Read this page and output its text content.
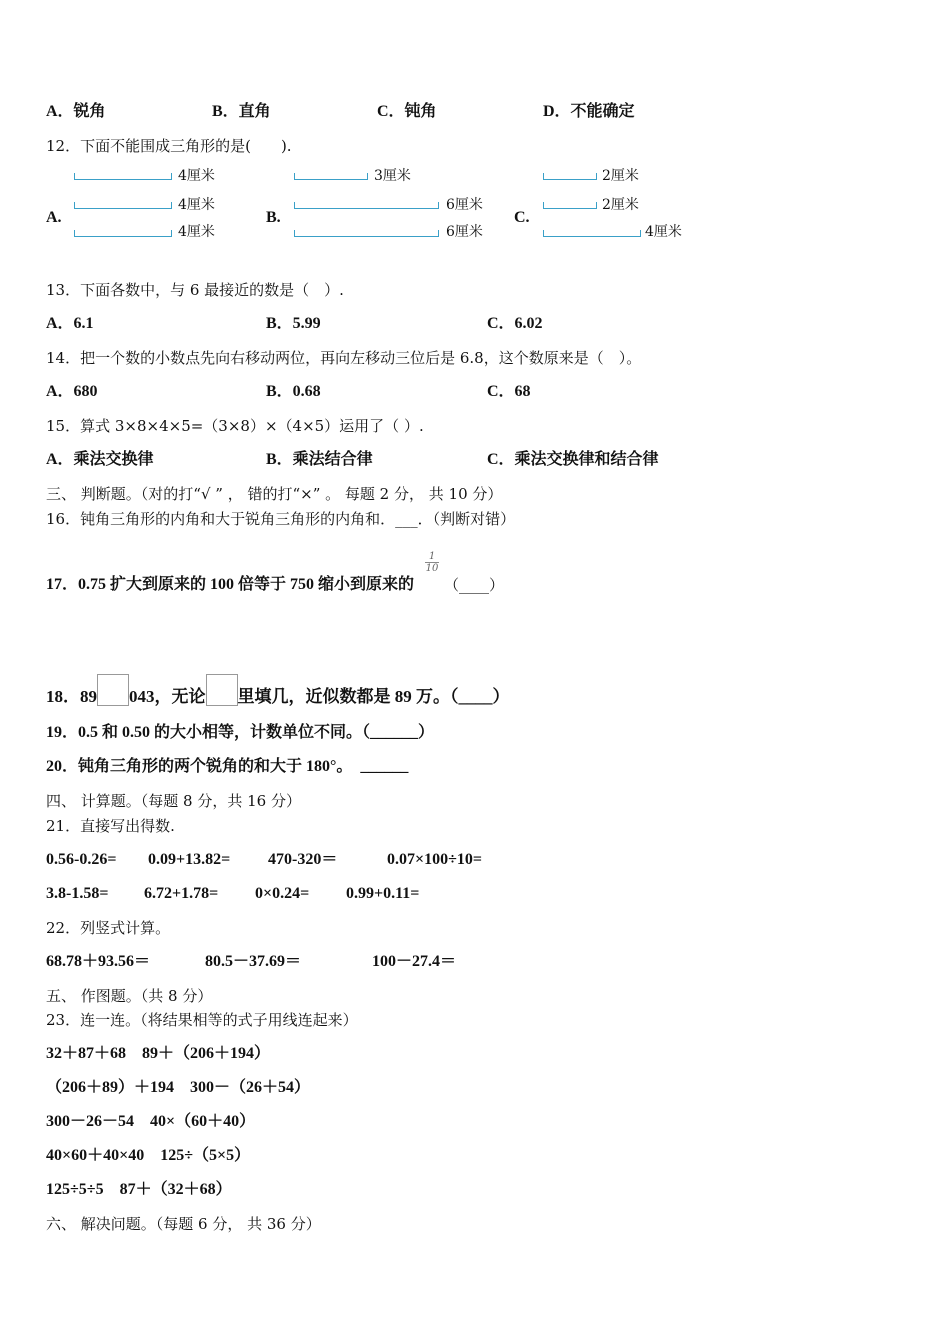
A．锐角	B．直角	C．钝角	D．不能确定
12．下面不能围成三角形的是(　　).
A.
4厘米
4厘米
4厘米
B.
3厘米
6厘米
6厘米
C.
2厘米
2厘米
4厘米
13．下面各数中，与 6 最接近的数是（　）.
A．6.1	B．5.99	C．6.02
14．把一个数的小数点先向右移动两位，再向左移动三位后是 6.8，这个数原来是（　）。
A．680	B．0.68	C．68
15．算式 3×8×4×5=（3×8）×（4×5）运用了（ ）.
A．乘法交换律	B．乘法结合律	C．乘法交换律和结合律
三、 判断题。（对的打“√ ” ， 错的打“×” 。 每题 2 分， 共 10 分）
16．钝角三角形的内角和大于锐角三角形的内角和．___．（判断对错）
17．0.75 扩大到原来的 100 倍等于 750 缩小到原来的
$\frac{1}{10}$
（____）
18．89 043，无论 里填几，近似数都是 89 万。（____）
19．0.5 和 0.50 的大小相等，计数单位不同。（______）
20．钝角三角形的两个锐角的和大于 180°。　______
四、 计算题。（每题 8 分，共 16 分）
21．直接写出得数.
0.56-0.26= 0.09+13.82= 470-320＝	0.07×100÷10=
3.8-1.58= 6.72+1.78= 0×0.24= 0.99+0.11=
22．列竖式计算。
68.78＋93.56＝	80.5－37.69＝	100－27.4＝
五、 作图题。（共 8 分）
23．连一连。（将结果相等的式子用线连起来）
32＋87＋68　89＋（206＋194）
（206＋89）＋194　300－（26＋54）
300－26－54　40×（60＋40）
40×60＋40×40　125÷（5×5）
125÷5÷5　87＋（32＋68）
六、 解决问题。（每题 6 分， 共 36 分）
